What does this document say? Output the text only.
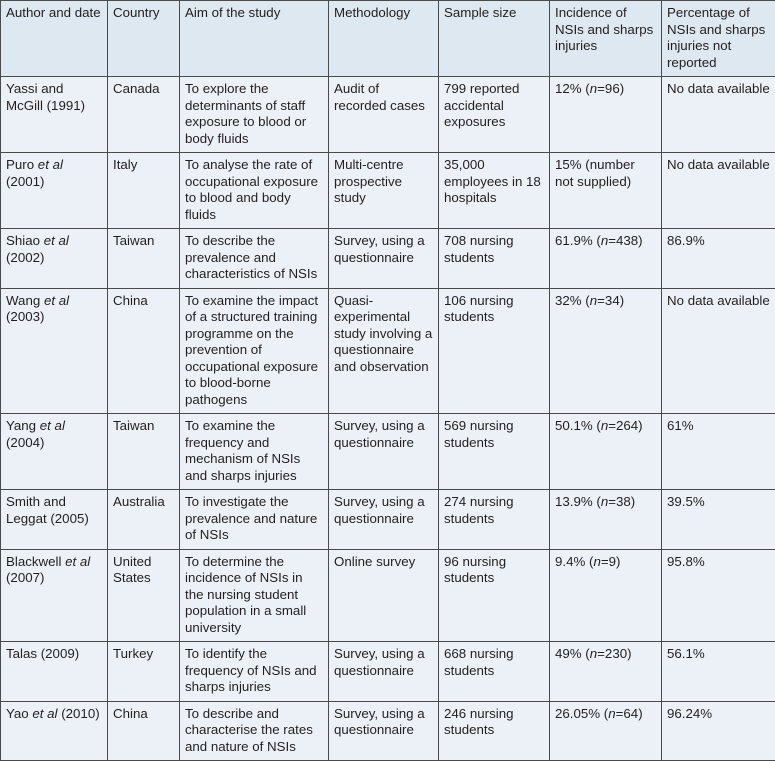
Author and date	Country	Aim of the study	Methodology	Sample size	Incidence of NSIs and sharps injuries	Percentage of NSIs and sharps injuries not reported
Yassi and McGill (1991)	Canada	To explore the determinants of staff exposure to blood or body fluids	Audit of recorded cases	799 reported accidental exposures	12% (n=96)	No data available
Puro et al (2001)	Italy	To analyse the rate of occupational exposure to blood and body fluids	Multi-centre prospective study	35,000 employees in 18 hospitals	15% (number not supplied)	No data available
Shiao et al (2002)	Taiwan	To describe the prevalence and characteristics of NSIs	Survey, using a questionnaire	708 nursing students	61.9% (n=438)	86.9%
Wang et al (2003)	China	To examine the impact of a structured training programme on the prevention of occupational exposure to blood-borne pathogens	Quasi-experimental study involving a questionnaire and observation	106 nursing students	32% (n=34)	No data available
Yang et al (2004)	Taiwan	To examine the frequency and mechanism of NSIs and sharps injuries	Survey, using a questionnaire	569 nursing students	50.1% (n=264)	61%
Smith and Leggat (2005)	Australia	To investigate the prevalence and nature of NSIs	Survey, using a questionnaire	274 nursing students	13.9% (n=38)	39.5%
Blackwell et al (2007)	United States	To determine the incidence of NSIs in the nursing student population in a small university	Online survey	96 nursing students	9.4% (n=9)	95.8%
Talas (2009)	Turkey	To identify the frequency of NSIs and sharps injuries	Survey, using a questionnaire	668 nursing students	49% (n=230)	56.1%
Yao et al (2010)	China	To describe and characterise the rates and nature of NSIs	Survey, using a questionnaire	246 nursing students	26.05% (n=64)	96.24%
